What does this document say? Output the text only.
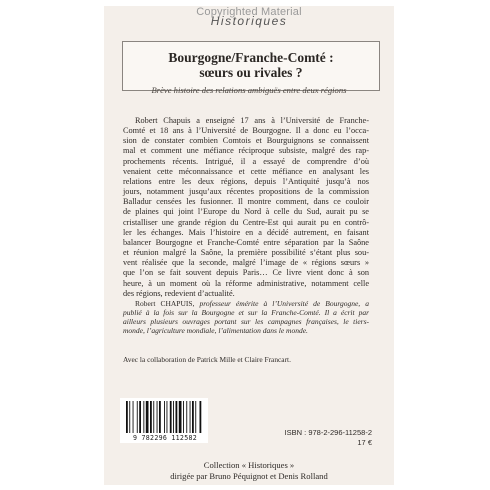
Copyrighted Material
Historiques
Bourgogne/Franche-Comté :
sœurs ou rivales ?
Brève histoire des relations ambiguës entre deux régions
Robert Chapuis a enseigné 17 ans à l’Université de Franche-
Comté et 18 ans à l’Université de Bourgogne. Il a donc eu l’occa-
sion de constater combien Comtois et Bourguignons se connaissent
mal et comment une méfiance réciproque subsiste, malgré des rap-
prochements récents. Intrigué, il a essayé de comprendre d’où
venaient cette méconnaissance et cette méfiance en analysant les
relations entre les deux régions, depuis l’Antiquité jusqu’à nos
jours, notamment jusqu’aux récentes propositions de la commission
Balladur censées les fusionner. Il montre comment, dans ce couloir
de plaines qui joint l’Europe du Nord à celle du Sud, aurait pu se
cristalliser une grande région du Centre-Est qui aurait pu en contrô-
ler les échanges. Mais l’histoire en a décidé autrement, en faisant
balancer Bourgogne et Franche-Comté entre séparation par la Saône
et réunion malgré la Saône, la première possibilité s’étant plus sou-
vent réalisée que la seconde, malgré l’image de « régions sœurs »
que l’on se fait souvent depuis Paris… Ce livre vient donc à son
heure, à un moment où la réforme administrative, notamment celle
des régions, redevient d’actualité.
Robert CHAPUIS, professeur émérite à l’Université de Bourgogne, a
publié à la fois sur la Bourgogne et sur la Franche-Comté. Il a écrit par
ailleurs plusieurs ouvrages portant sur les campagnes françaises, le tiers-
monde, l’agriculture mondiale, l’alimentation dans le monde.
Avec la collaboration de Patrick Mille et Claire Francart.
9 782296 112582
ISBN : 978-2-296-11258-2
17 €
Collection « Historiques »
dirigée par Bruno Péquignot et Denis Rolland
